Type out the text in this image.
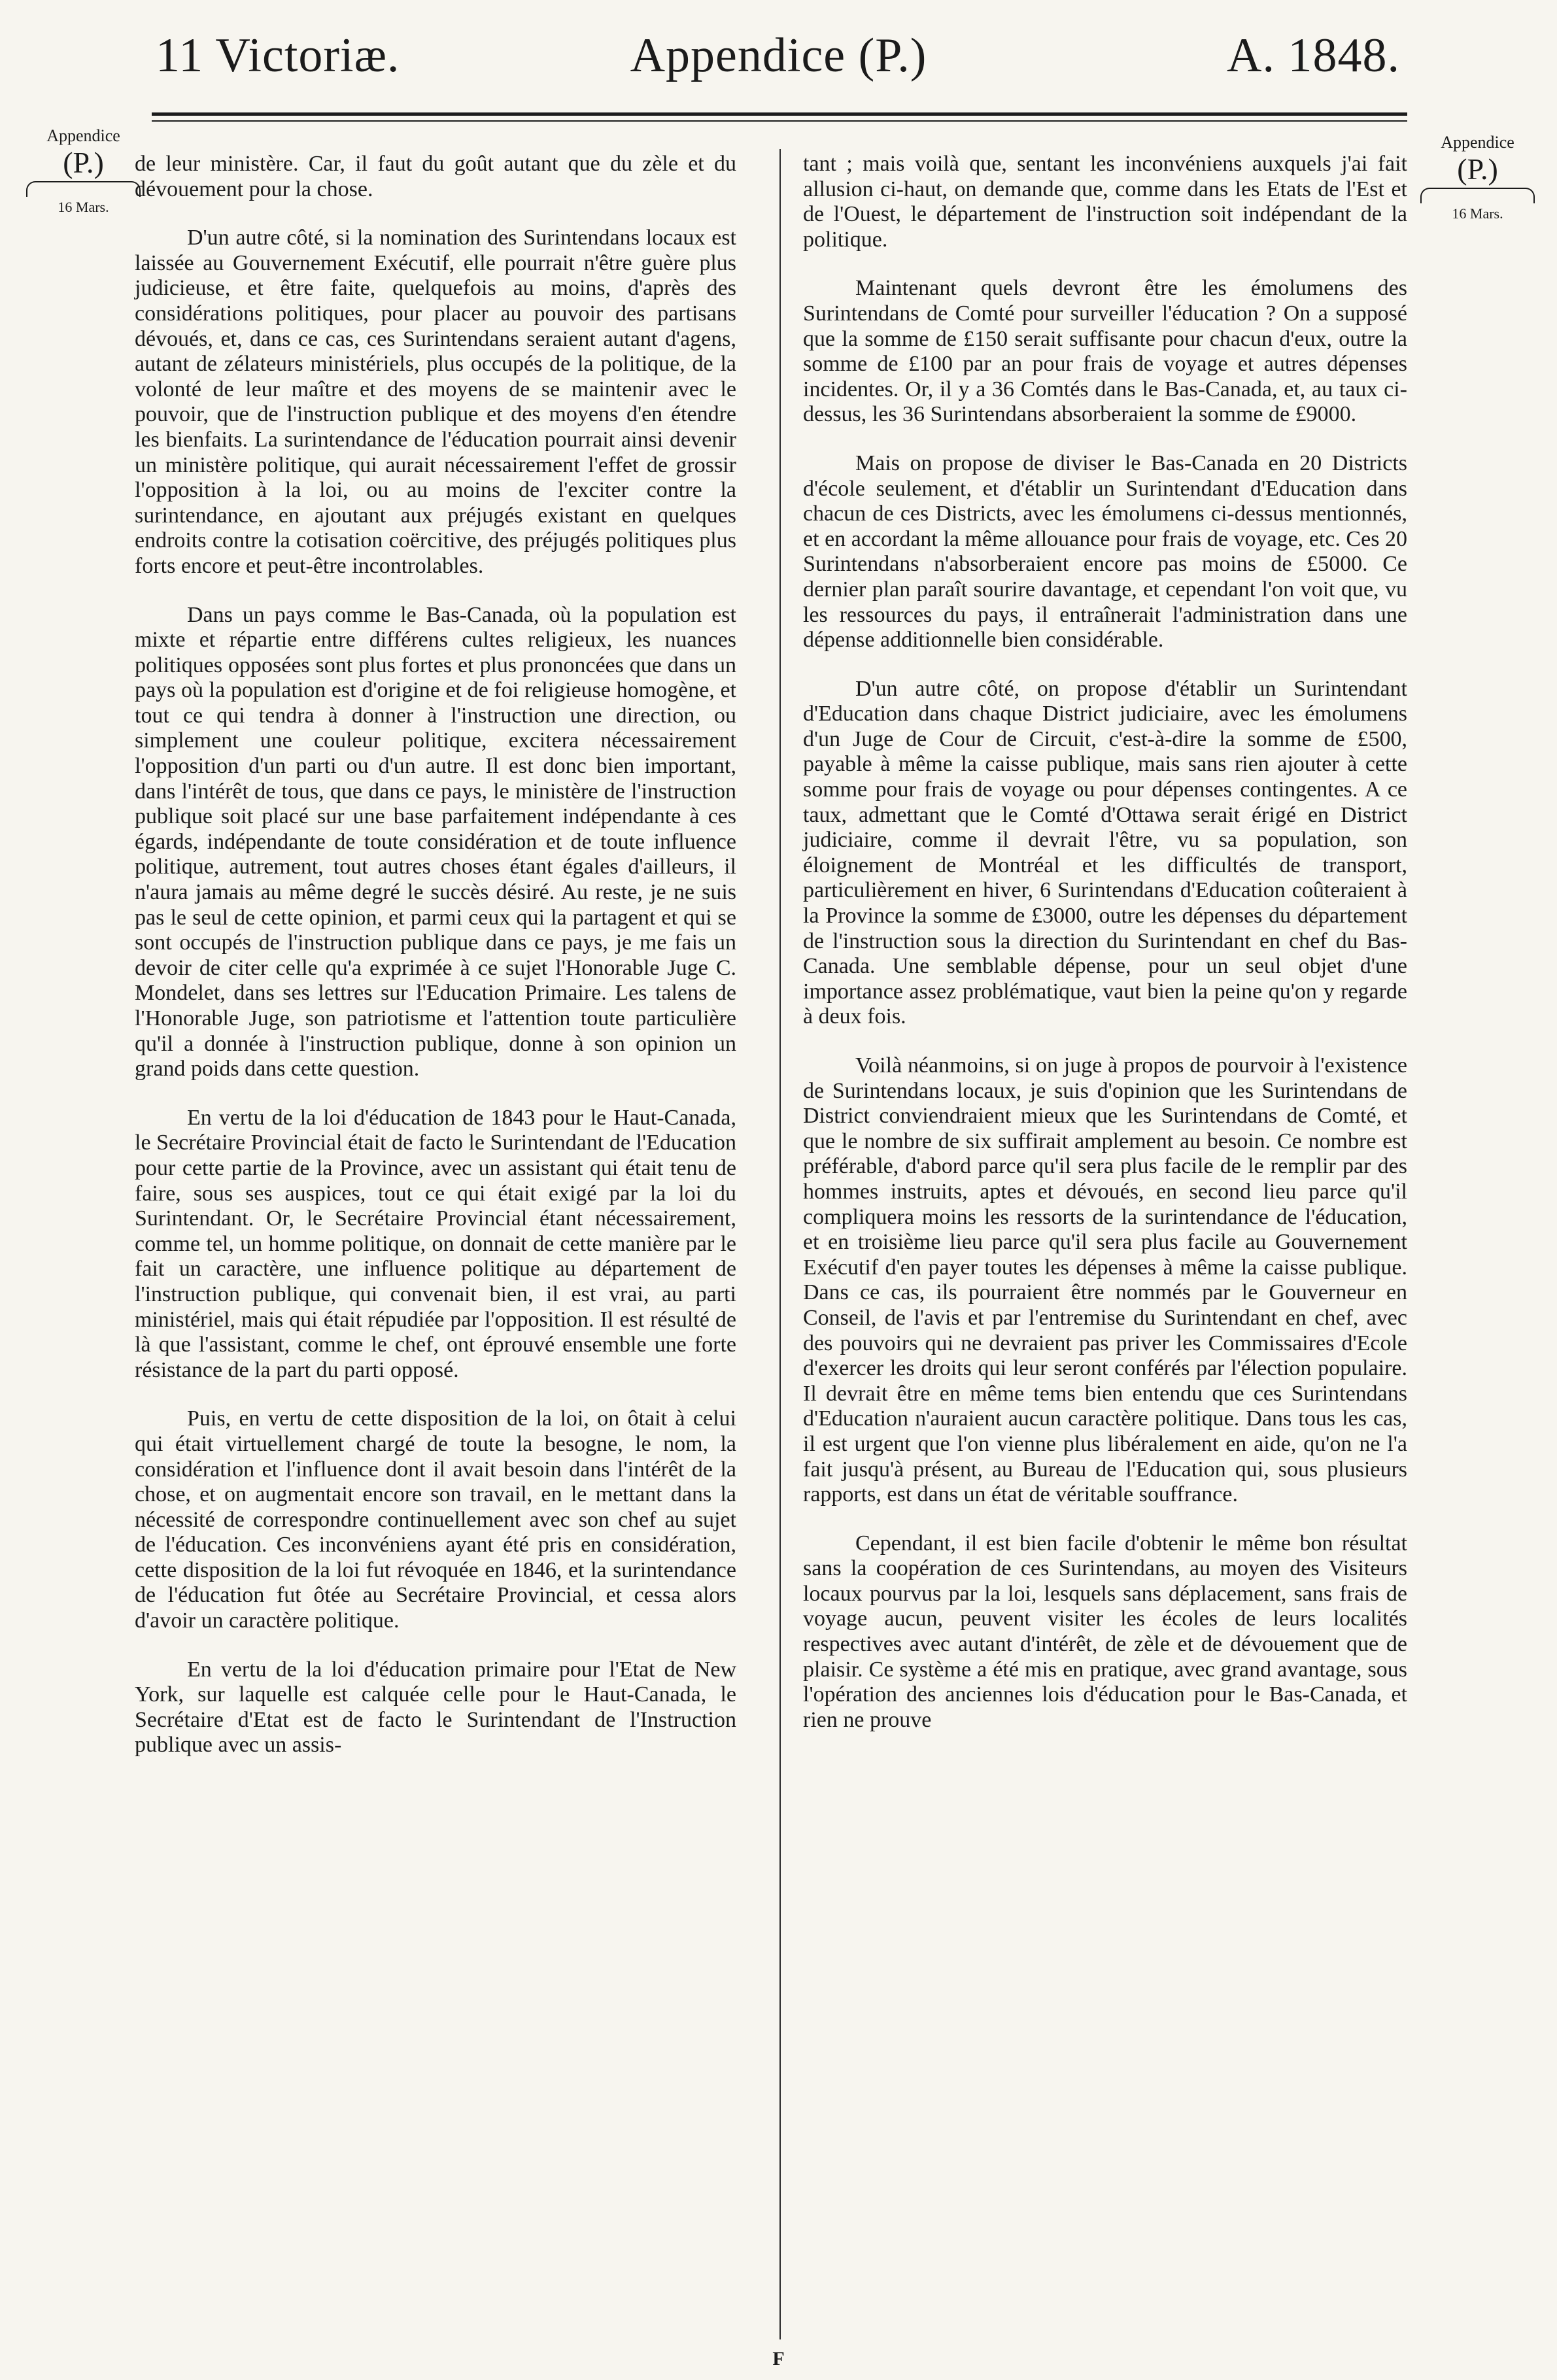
11 Victoriæ.	Appendice (P.)	A. 1848.
Appendice
(P.)
16 Mars.
Appendice
(P.)
16 Mars.

de leur ministère. Car, il faut du goût autant que du zèle et du dévouement pour la chose.

D'un autre côté, si la nomination des Surintendans locaux est laissée au Gouvernement Exécutif, elle pourrait n'être guère plus judicieuse, et être faite, quelquefois au moins, d'après des considérations politiques, pour placer au pouvoir des partisans dévoués, et, dans ce cas, ces Surintendans seraient autant d'agens, autant de zélateurs ministériels, plus occupés de la politique, de la volonté de leur maître et des moyens de se maintenir avec le pouvoir, que de l'instruction publique et des moyens d'en étendre les bienfaits. La surintendance de l'éducation pourrait ainsi devenir un ministère politique, qui aurait nécessairement l'effet de grossir l'opposition à la loi, ou au moins de l'exciter contre la surintendance, en ajoutant aux préjugés existant en quelques endroits contre la cotisation coërcitive, des préjugés politiques plus forts encore et peut-être incontrolables.

Dans un pays comme le Bas-Canada, où la population est mixte et répartie entre différens cultes religieux, les nuances politiques opposées sont plus fortes et plus prononcées que dans un pays où la population est d'origine et de foi religieuse homogène, et tout ce qui tendra à donner à l'instruction une direction, ou simplement une couleur politique, excitera nécessairement l'opposition d'un parti ou d'un autre. Il est donc bien important, dans l'intérêt de tous, que dans ce pays, le ministère de l'instruction publique soit placé sur une base parfaitement indépendante à ces égards, indépendante de toute considération et de toute influence politique, autrement, tout autres choses étant égales d'ailleurs, il n'aura jamais au même degré le succès désiré. Au reste, je ne suis pas le seul de cette opinion, et parmi ceux qui la partagent et qui se sont occupés de l'instruction publique dans ce pays, je me fais un devoir de citer celle qu'a exprimée à ce sujet l'Honorable Juge C. Mondelet, dans ses lettres sur l'Education Primaire. Les talens de l'Honorable Juge, son patriotisme et l'attention toute particulière qu'il a donnée à l'instruction publique, donne à son opinion un grand poids dans cette question.

En vertu de la loi d'éducation de 1843 pour le Haut-Canada, le Secrétaire Provincial était de facto le Surintendant de l'Education pour cette partie de la Province, avec un assistant qui était tenu de faire, sous ses auspices, tout ce qui était exigé par la loi du Surintendant. Or, le Secrétaire Provincial étant nécessairement, comme tel, un homme politique, on donnait de cette manière par le fait un caractère, une influence politique au département de l'instruction publique, qui convenait bien, il est vrai, au parti ministériel, mais qui était répudiée par l'opposition. Il est résulté de là que l'assistant, comme le chef, ont éprouvé ensemble une forte résistance de la part du parti opposé.

Puis, en vertu de cette disposition de la loi, on ôtait à celui qui était virtuellement chargé de toute la besogne, le nom, la considération et l'influence dont il avait besoin dans l'intérêt de la chose, et on augmentait encore son travail, en le mettant dans la nécessité de correspondre continuellement avec son chef au sujet de l'éducation. Ces inconvéniens ayant été pris en considération, cette disposition de la loi fut révoquée en 1846, et la surintendance de l'éducation fut ôtée au Secrétaire Provincial, et cessa alors d'avoir un caractère politique.

En vertu de la loi d'éducation primaire pour l'Etat de New York, sur laquelle est calquée celle pour le Haut-Canada, le Secrétaire d'Etat est de facto le Surintendant de l'Instruction publique avec un assis-

tant ; mais voilà que, sentant les inconvéniens auxquels j'ai fait allusion ci-haut, on demande que, comme dans les Etats de l'Est et de l'Ouest, le département de l'instruction soit indépendant de la politique.

Maintenant quels devront être les émolumens des Surintendans de Comté pour surveiller l'éducation ? On a supposé que la somme de £150 serait suffisante pour chacun d'eux, outre la somme de £100 par an pour frais de voyage et autres dépenses incidentes. Or, il y a 36 Comtés dans le Bas-Canada, et, au taux ci-dessus, les 36 Surintendans absorberaient la somme de £9000.

Mais on propose de diviser le Bas-Canada en 20 Districts d'école seulement, et d'établir un Surintendant d'Education dans chacun de ces Districts, avec les émolumens ci-dessus mentionnés, et en accordant la même allouance pour frais de voyage, etc. Ces 20 Surintendans n'absorberaient encore pas moins de £5000. Ce dernier plan paraît sourire davantage, et cependant l'on voit que, vu les ressources du pays, il entraînerait l'administration dans une dépense additionnelle bien considérable.

D'un autre côté, on propose d'établir un Surintendant d'Education dans chaque District judiciaire, avec les émolumens d'un Juge de Cour de Circuit, c'est-à-dire la somme de £500, payable à même la caisse publique, mais sans rien ajouter à cette somme pour frais de voyage ou pour dépenses contingentes. A ce taux, admettant que le Comté d'Ottawa serait érigé en District judiciaire, comme il devrait l'être, vu sa population, son éloignement de Montréal et les difficultés de transport, particulièrement en hiver, 6 Surintendans d'Education coûteraient à la Province la somme de £3000, outre les dépenses du département de l'instruction sous la direction du Surintendant en chef du Bas-Canada. Une semblable dépense, pour un seul objet d'une importance assez problématique, vaut bien la peine qu'on y regarde à deux fois.

Voilà néanmoins, si on juge à propos de pourvoir à l'existence de Surintendans locaux, je suis d'opinion que les Surintendans de District conviendraient mieux que les Surintendans de Comté, et que le nombre de six suffirait amplement au besoin. Ce nombre est préférable, d'abord parce qu'il sera plus facile de le remplir par des hommes instruits, aptes et dévoués, en second lieu parce qu'il compliquera moins les ressorts de la surintendance de l'éducation, et en troisième lieu parce qu'il sera plus facile au Gouvernement Exécutif d'en payer toutes les dépenses à même la caisse publique. Dans ce cas, ils pourraient être nommés par le Gouverneur en Conseil, de l'avis et par l'entremise du Surintendant en chef, avec des pouvoirs qui ne devraient pas priver les Commissaires d'Ecole d'exercer les droits qui leur seront conférés par l'élection populaire. Il devrait être en même tems bien entendu que ces Surintendans d'Education n'auraient aucun caractère politique. Dans tous les cas, il est urgent que l'on vienne plus libéralement en aide, qu'on ne l'a fait jusqu'à présent, au Bureau de l'Education qui, sous plusieurs rapports, est dans un état de véritable souffrance.

Cependant, il est bien facile d'obtenir le même bon résultat sans la coopération de ces Surintendans, au moyen des Visiteurs locaux pourvus par la loi, lesquels sans déplacement, sans frais de voyage aucun, peuvent visiter les écoles de leurs localités respectives avec autant d'intérêt, de zèle et de dévouement que de plaisir. Ce système a été mis en pratique, avec grand avantage, sous l'opération des anciennes lois d'éducation pour le Bas-Canada, et rien ne prouve

F
